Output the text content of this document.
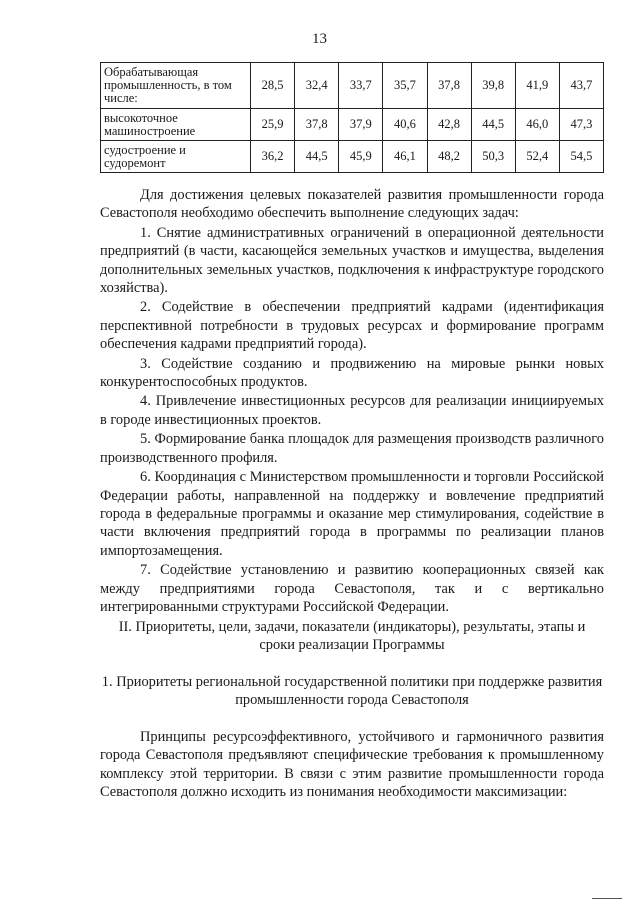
13
Обрабатывающая промышленность, в том числе:	28,5	32,4	33,7	35,7	37,8	39,8	41,9	43,7
высокоточное машиностроение	25,9	37,8	37,9	40,6	42,8	44,5	46,0	47,3
судостроение и судоремонт	36,2	44,5	45,9	46,1	48,2	50,3	52,4	54,5

Для достижения целевых показателей развития промышленности города Севастополя необходимо обеспечить выполнение следующих задач:

1. Снятие административных ограничений в операционной деятельности предприятий (в части, касающейся земельных участков и имущества, выделения дополнительных земельных участков, подключения к инфраструктуре городского хозяйства).

2. Содействие в обеспечении предприятий кадрами (идентификация перспективной потребности в трудовых ресурсах и формирование программ обеспечения кадрами предприятий города).

3. Содействие созданию и продвижению на мировые рынки новых конкурентоспособных продуктов.

4. Привлечение инвестиционных ресурсов для реализации инициируемых в городе инвестиционных проектов.

5. Формирование банка площадок для размещения производств различного производственного профиля.

6. Координация с Министерством промышленности и торговли Российской Федерации работы, направленной на поддержку и вовлечение предприятий города в федеральные программы и оказание мер стимулирования, содействие в части включения предприятий города в программы по реализации планов импортозамещения.

7. Содействие установлению и развитию кооперационных связей как между предприятиями города Севастополя, так и с вертикально интегрированными структурами Российской Федерации.

II. Приоритеты, цели, задачи, показатели (индикаторы), результаты, этапы и сроки реализации Программы
1. Приоритеты региональной государственной политики при поддержке развития промышленности города Севастополя

Принципы ресурсоэффективного, устойчивого и гармоничного развития города Севастополя предъявляют специфические требования к промышленному комплексу этой территории. В связи с этим развитие промышленности города Севастополя должно исходить из понимания необходимости максимизации:
